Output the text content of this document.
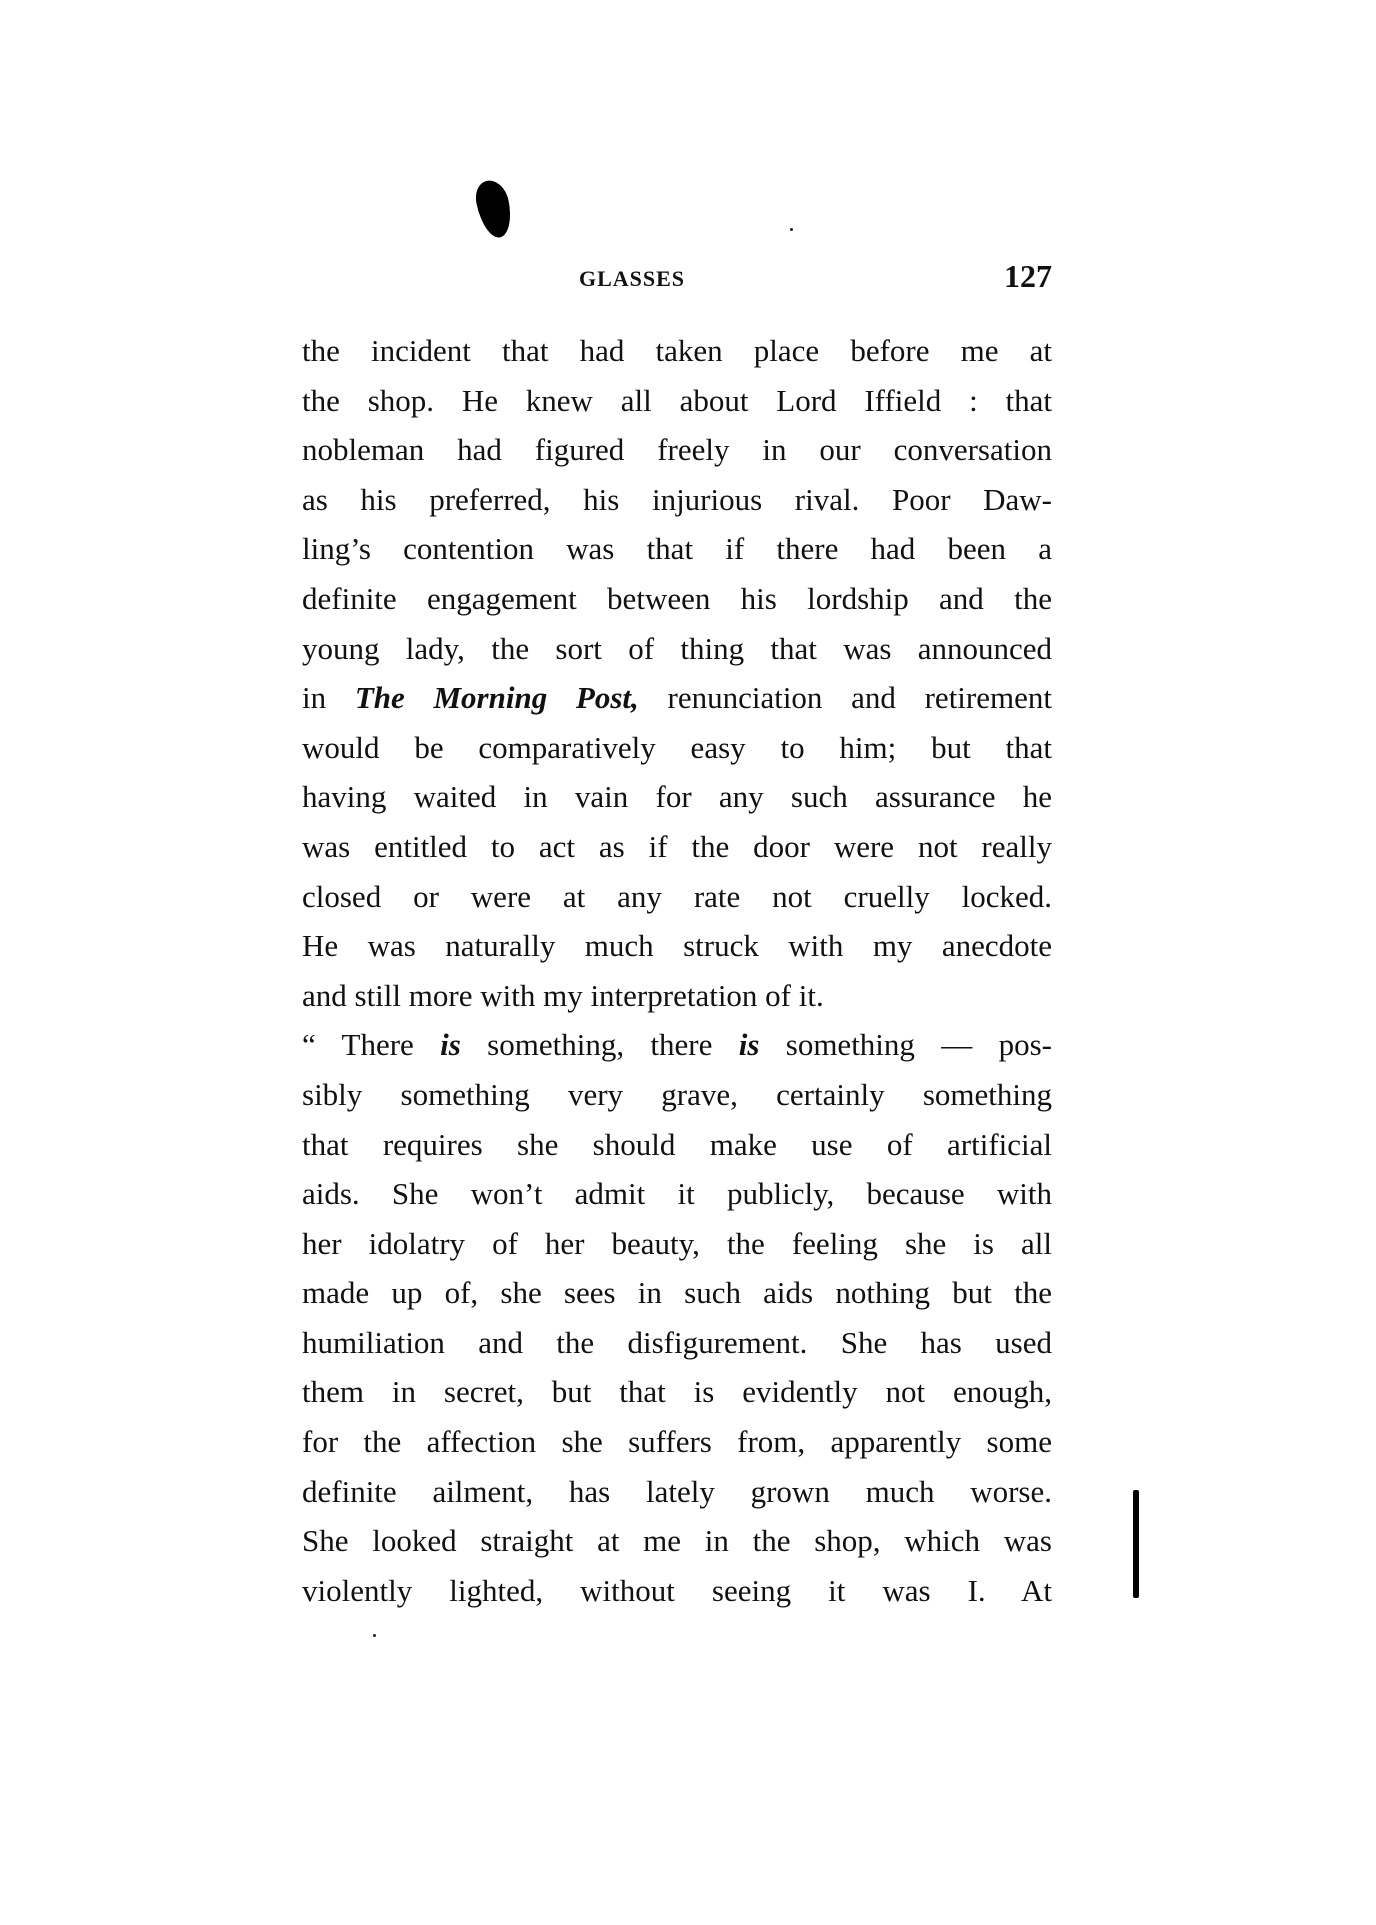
GLASSES	127
the incident that had taken place before me at
the shop. He knew all about Lord Iffield : that
nobleman had figured freely in our conversation
as his preferred, his injurious rival. Poor Daw-
ling’s contention was that if there had been a
definite engagement between his lordship and the
young lady, the sort of thing that was announced
in The Morning Post, renunciation and retirement
would be comparatively easy to him; but that
having waited in vain for any such assurance he
was entitled to act as if the door were not really
closed or were at any rate not cruelly locked.
He was naturally much struck with my anecdote
and still more with my interpretation of it.
“ There is something, there is something — pos-
sibly something very grave, certainly something
that requires she should make use of artificial
aids. She won’t admit it publicly, because with
her idolatry of her beauty, the feeling she is all
made up of, she sees in such aids nothing but the
humiliation and the disfigurement. She has used
them in secret, but that is evidently not enough,
for the affection she suffers from, apparently some
definite ailment, has lately grown much worse.
She looked straight at me in the shop, which was
violently lighted, without seeing it was I. At
